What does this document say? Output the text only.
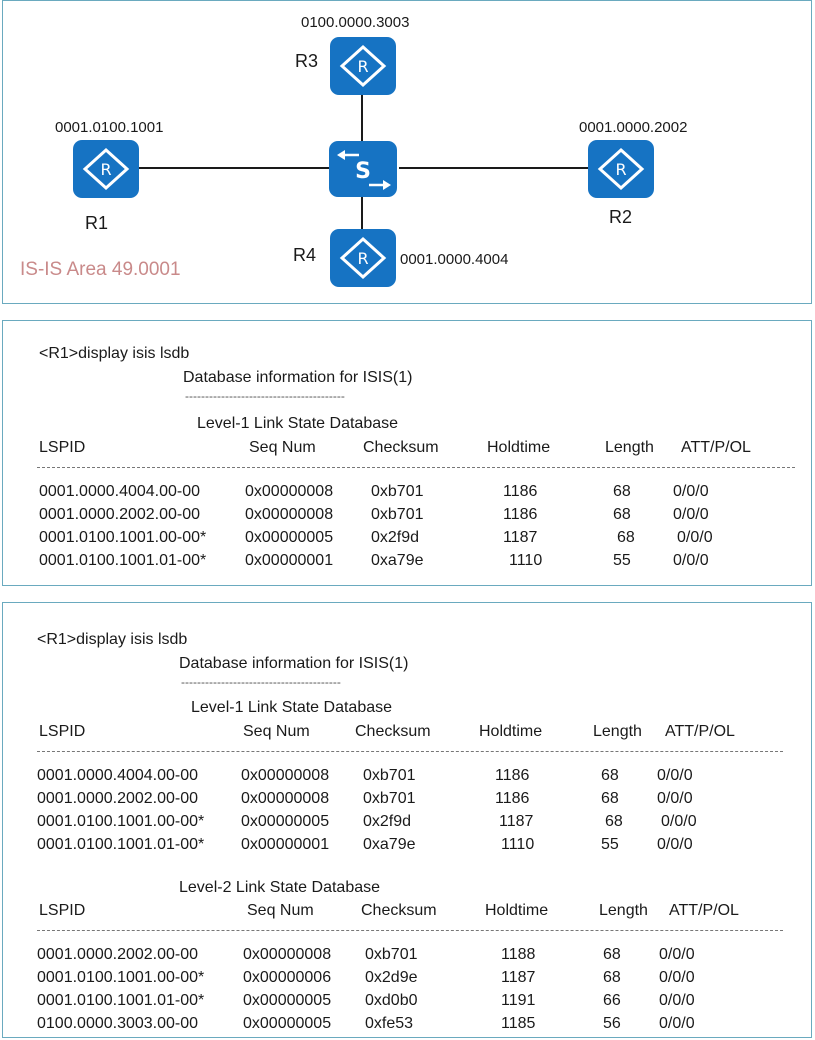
0100.0000.3003
R3 R
0001.0100.1001
R
R1
S
0001.0000.2002
R
R2
R4	R 0001.0000.4004
IS-IS Area 49.0001
<R1>display isis lsdb
Database information for ISIS(1)
----------------------------------------
Level-1 Link State Database
LSPID	Seq Num	Checksum	Holdtime	Length ATT/P/OL
0001.0000.4004.00-00	0x00000008 0xb701	1186	68	0/0/0
0001.0000.2002.00-00	0x00000008 0xb701	1186	68	0/0/0
0001.0100.1001.00-00* 0x00000005 0x2f9d	1187	68	0/0/0
0001.0100.1001.01-00* 0x00000001 0xa79e	1110	55	0/0/0
<R1>display isis lsdb
Database information for ISIS(1)
----------------------------------------
Level-1 Link State Database
LSPID	Seq Num	Checksum	Holdtime	Length ATT/P/OL
0001.0000.4004.00-00	0x00000008 0xb701	1186	68 0/0/0
0001.0000.2002.00-00	0x00000008 0xb701	1186	68 0/0/0
0001.0100.1001.00-00* 0x00000005 0x2f9d	1187	68 0/0/0
0001.0100.1001.01-00* 0x00000001 0xa79e	1110	55 0/0/0
Level-2 Link State Database
LSPID	Seq Num	Checksum	Holdtime	Length ATT/P/OL
0001.0000.2002.00-00	0x00000008 0xb701	1188	68 0/0/0
0001.0100.1001.00-00* 0x00000006 0x2d9e	1187	68 0/0/0
0001.0100.1001.01-00* 0x00000005 0xd0b0	1191	66 0/0/0
0100.0000.3003.00-00	0x00000005 0xfe53	1185	56 0/0/0
